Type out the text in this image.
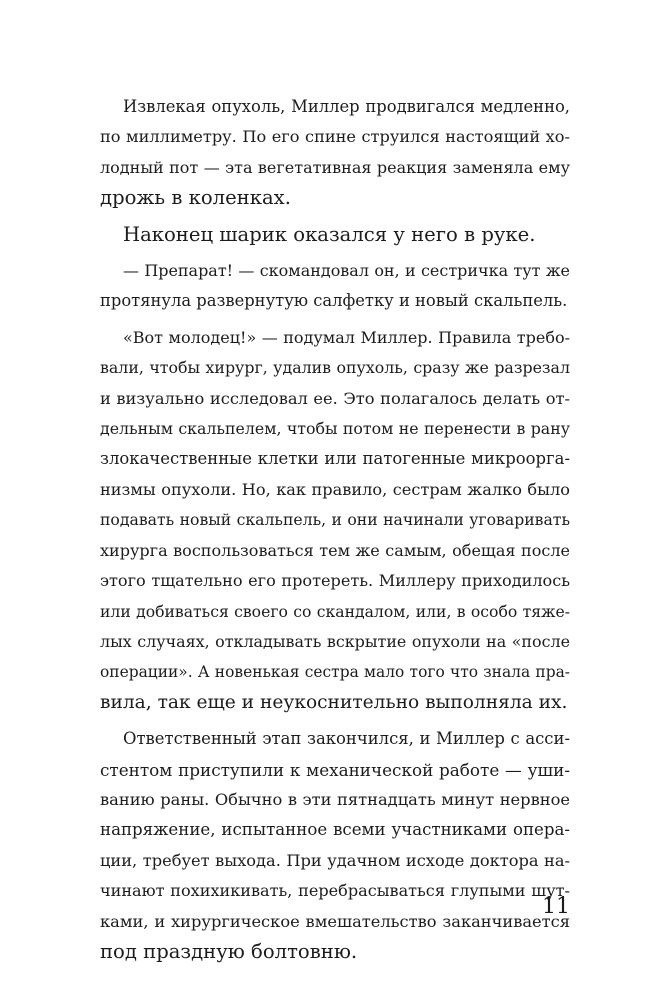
Извлекая опухоль, Миллер продвигался медленно,
по миллиметру. По его спине струился настоящий хо-
лодный пот — эта вегетативная реакция заменяла ему
дрожь в коленках.
Наконец шарик оказался у него в руке.
— Препарат! — скомандовал он, и сестричка тут же
протянула развернутую салфетку и новый скальпель.
«Вот молодец!» — подумал Миллер. Правила требо-
вали, чтобы хирург, удалив опухоль, сразу же разрезал
и визуально исследовал ее. Это полагалось делать от-
дельным скальпелем, чтобы потом не перенести в рану
злокачественные клетки или патогенные микроорга-
низмы опухоли. Но, как правило, сестрам жалко было
подавать новый скальпель, и они начинали уговаривать
хирурга воспользоваться тем же самым, обещая после
этого тщательно его протереть. Миллеру приходилось
или добиваться своего со скандалом, или, в особо тяже-
лых случаях, откладывать вскрытие опухоли на «после
операции». А новенькая сестра мало того что знала пра-
вила, так еще и неукоснительно выполняла их.
Ответственный этап закончился, и Миллер с асси-
стентом приступили к механической работе — уши-
ванию раны. Обычно в эти пятнадцать минут нервное
напряжение, испытанное всеми участниками опера-
ции, требует выхода. При удачном исходе доктора на-
чинают похихикивать, перебрасываться глупыми шут-
ками, и хирургическое вмешательство заканчивается
под праздную болтовню.
11
